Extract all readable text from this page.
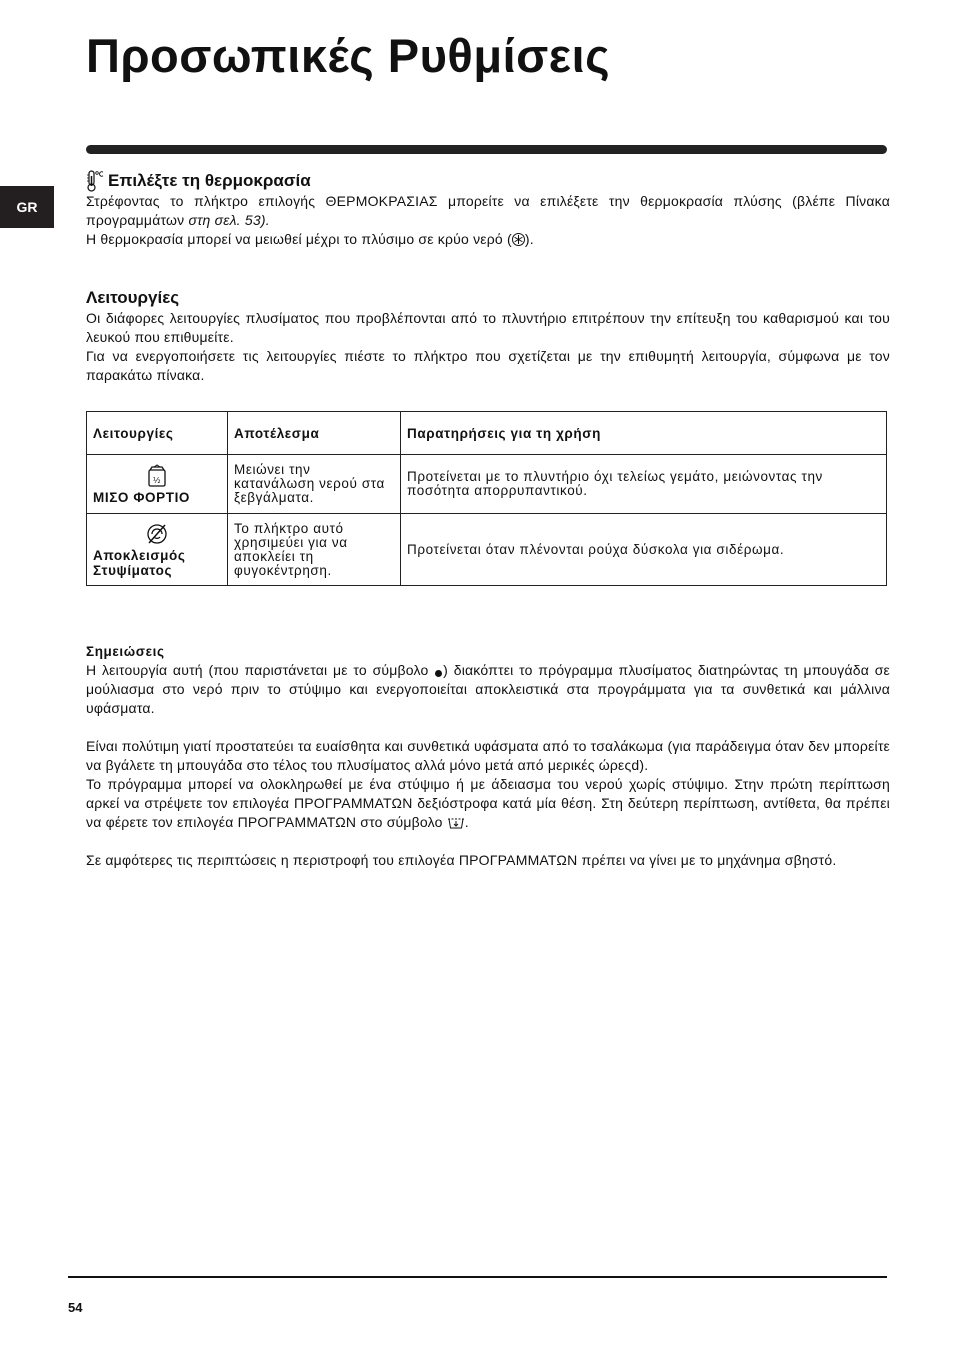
Προσωπικές Ρυθμίσεις
GR
Επιλέξτε τη θερμοκρασία

Στρέφοντας το πλήκτρο επιλογής ΘΕΡΜΟΚΡΑΣΙΑΣ μπορείτε να επιλέξετε την θερμοκρασία πλύσης (βλέπε Πίνακα προγραμμάτων στη σελ. 53).

Η θερμοκρασία μπορεί να μειωθεί μέχρι το πλύσιμο σε κρύο νερό ( ).

Λειτουργίες

Οι διάφορες λειτουργίες πλυσίματος που προβλέπονται από το πλυντήριο επιτρέπουν την επίτευξη του καθαρισμού και του λευκού που επιθυμείτε.

Για να ενεργοποιήσετε τις λειτουργίες πιέστε το πλήκτρο που σχετίζεται με την επιθυμητή λειτουργία, σύμφωνα με τον παρακάτω πίνακα.

Λειτουργίες	Αποτέλεσμα	Παρατηρήσεις για τη χρήση

½
ΜΙΣΟ ΦΟΡΤΙΟ	Μειώνει την κατανάλωση νερού στα ξεβγάλματα.	Προτείνεται με το πλυντήριο όχι τελείως γεμάτο, μειώνοντας την ποσότητα απορρυπαντικού.

Αποκλεισμός
Στυψίματος	Το πλήκτρο αυτό χρησιμεύει για να αποκλείει τη φυγοκέντρηση.	Προτείνεται όταν πλένονται ρούχα δύσκολα για σιδέρωμα.
Σημειώσεις

Η λειτουργία αυτή (που παριστάνεται με το σύμβολο ) διακόπτει το πρόγραμμα πλυσίματος διατηρώντας τη μπουγάδα σε μούλιασμα στο νερό πριν το στύψιμο και ενεργοποιείται αποκλειστικά στα προγράμματα για τα συνθετικά και μάλλινα υφάσματα.

Είναι πολύτιμη γιατί προστατεύει τα ευαίσθητα και συνθετικά υφάσματα από το τσαλάκωμα (για παράδειγμα όταν δεν μπορείτε να βγάλετε τη μπουγάδα στο τέλος του πλυσίματος αλλά μόνο μετά από μερικές ώρεςd).

Το πρόγραμμα μπορεί να ολοκληρωθεί με ένα στύψιμο ή με άδειασμα του νερού χωρίς στύψιμο. Στην πρώτη περίπτωση αρκεί να στρέψετε τον επιλογέα ΠΡΟΓΡΑΜΜΑΤΩΝ δεξιόστροφα κατά μία θέση. Στη δεύτερη περίπτωση, αντίθετα, θα πρέπει να φέρετε τον επιλογέα ΠΡΟΓΡΑΜΜΑΤΩΝ στο σύμβολο .

Σε αμφότερες τις περιπτώσεις η περιστροφή του επιλογέα ΠΡΟΓΡΑΜΜΑΤΩΝ πρέπει να γίνει με το μηχάνημα σβηστό.

54
